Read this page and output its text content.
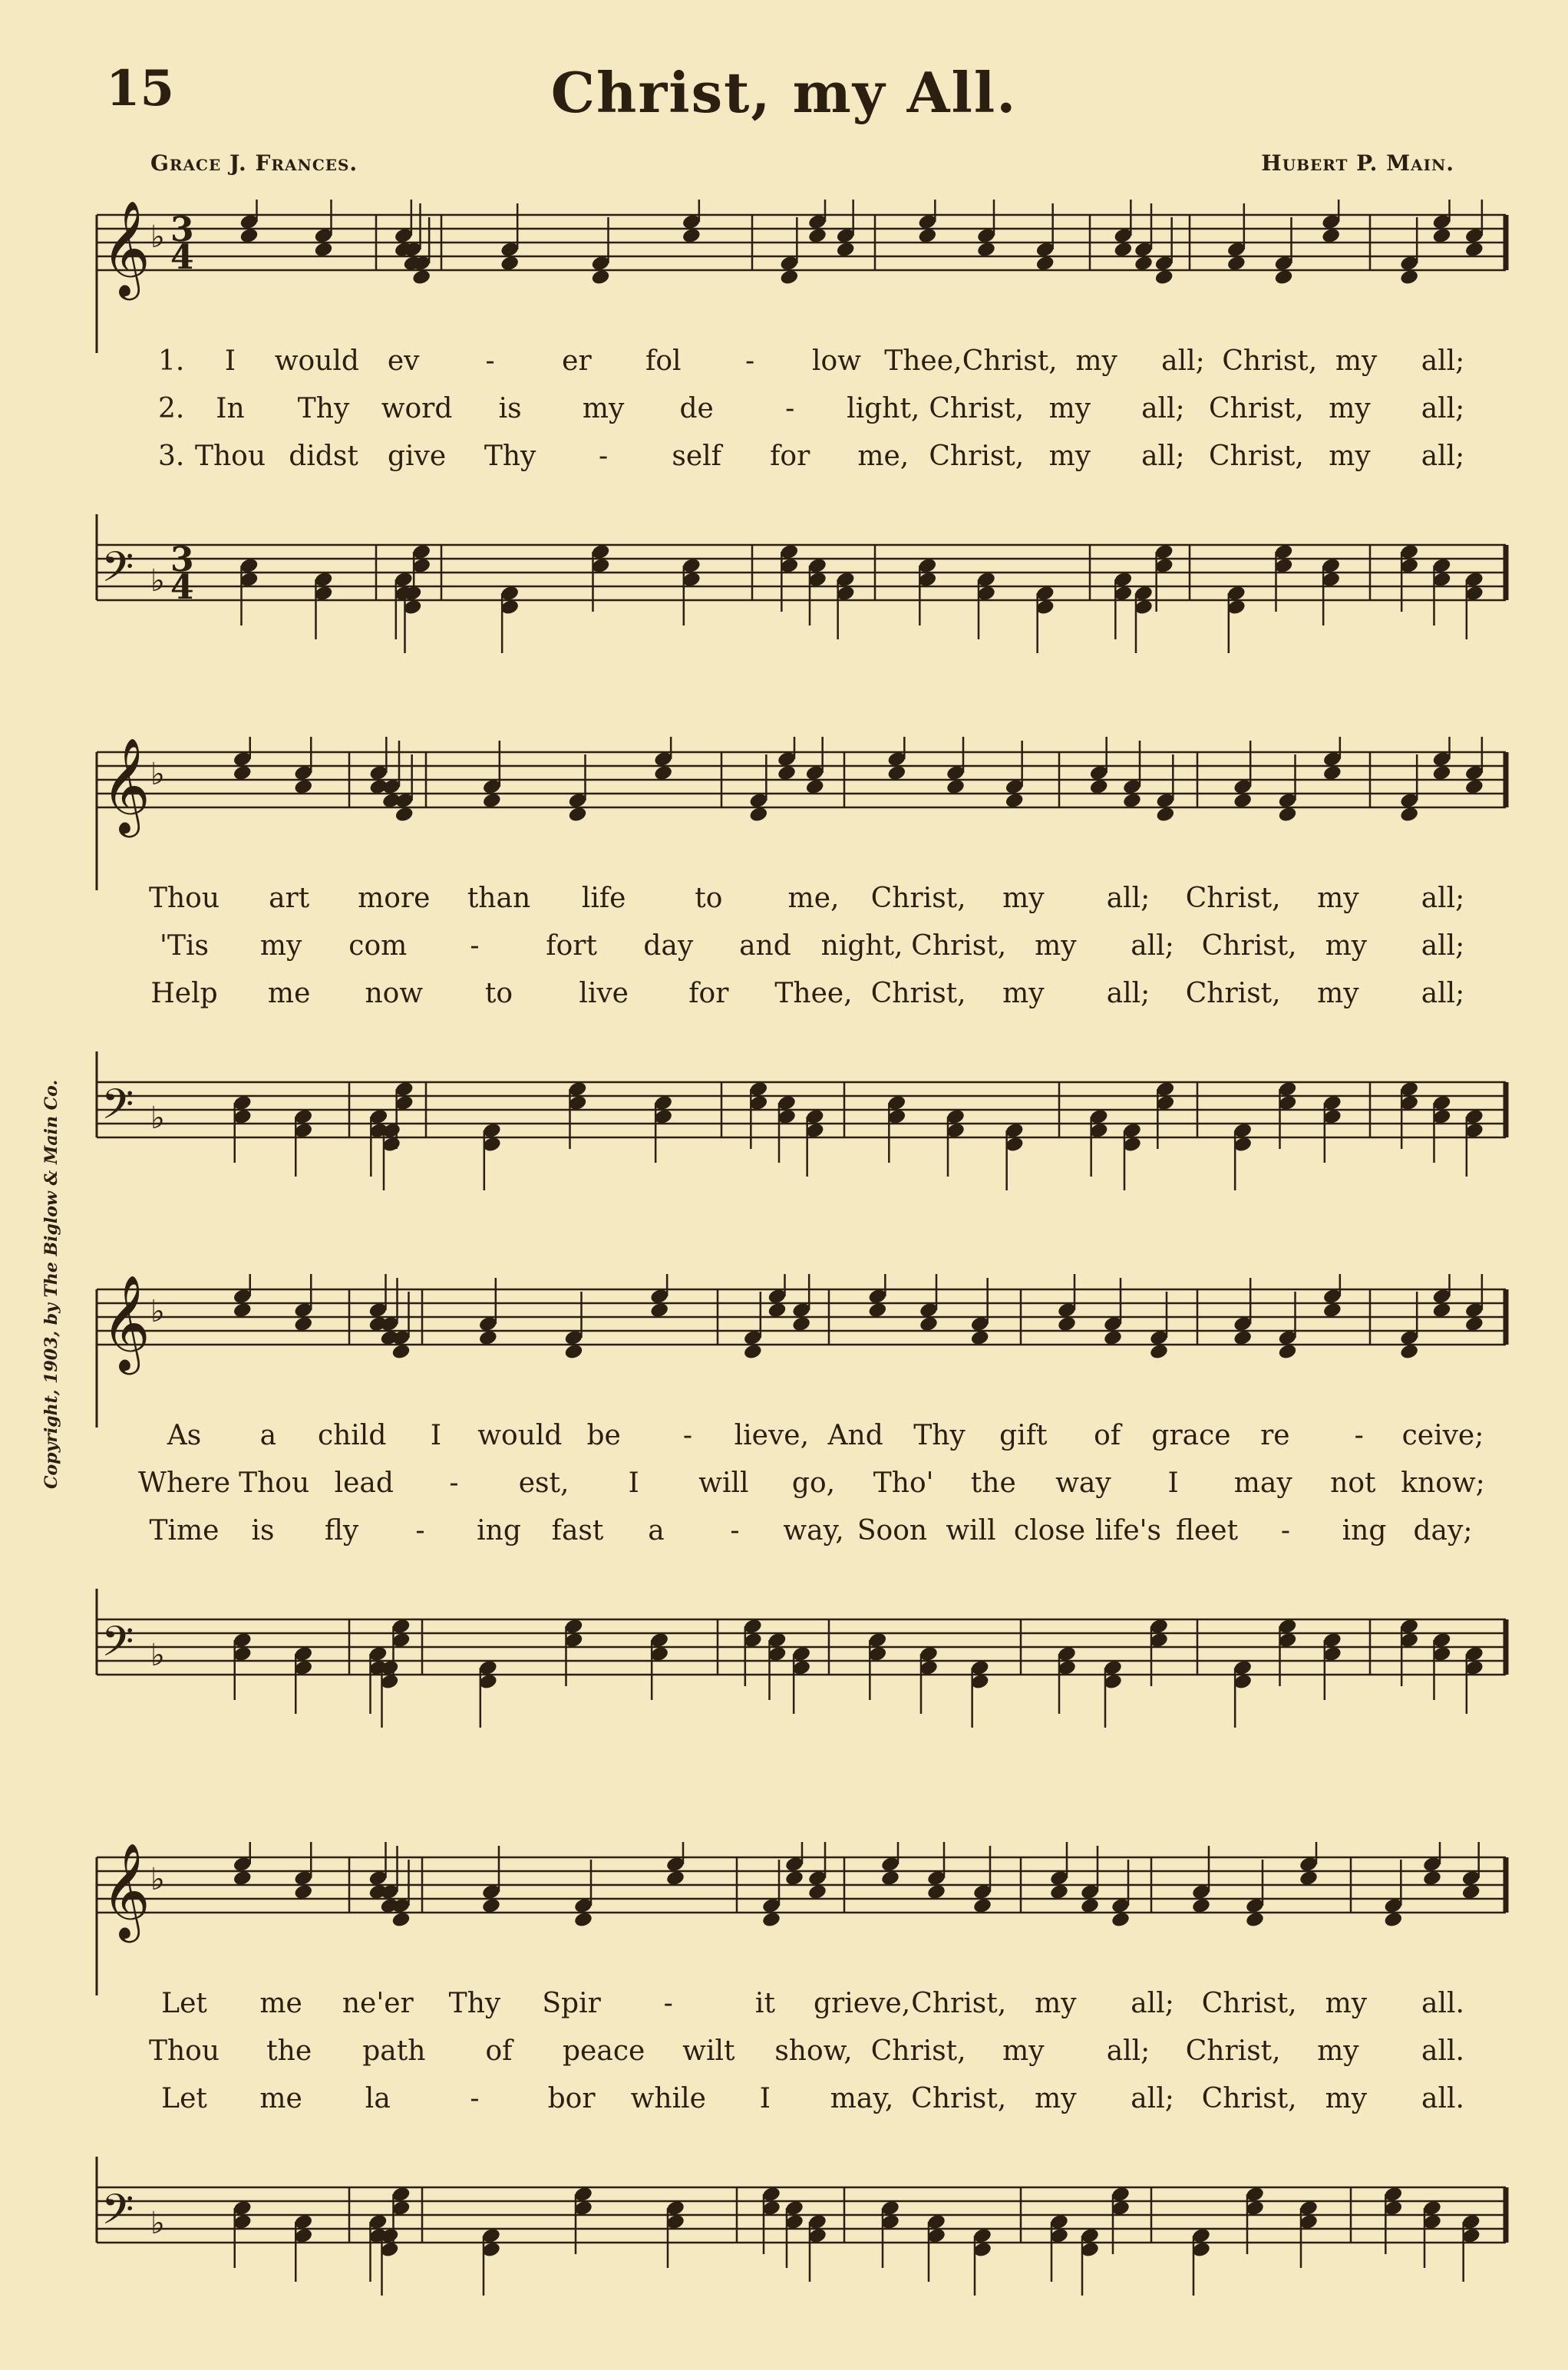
15	Christ, my All.
Grace J. Frances.	Hubert P. Main.
Copyright, 1903, by The Biglow & Main Co.
𝄞 ♭ 3
4
1. I would ev - er fol - low Thee, Christ, my all; Christ, my all;
2. In Thy word is my de	- light, Christ, my all; Christ, my all;
3. Thou didst give Thy - self for me, Christ, my all; Christ, my all;
𝄢 ♭
3
4
𝄞 ♭
Thou art more than life to me, Christ, my all; Christ, my all;
'Tis my com - fort day and night, Christ, my all; Christ, my all;
Help me now to live for Thee, Christ, my all; Christ, my all;
𝄢 ♭
𝄞 ♭
As a child I would be - lieve, And Thy gift of grace re - ceive;
Where Thou lead - est, I will go, Tho' the way I may not know;
Time is fly - ing fast a - way, Soon will close life's fleet - ing day;
𝄢 ♭
𝄞 ♭
Let me ne'er Thy Spir -	it grieve, Christ, my all; Christ, my all.
Thou the path of peace wilt show, Christ, my all; Christ, my all.
Let me la	- bor while I may, Christ, my all; Christ, my all.
𝄢 ♭
